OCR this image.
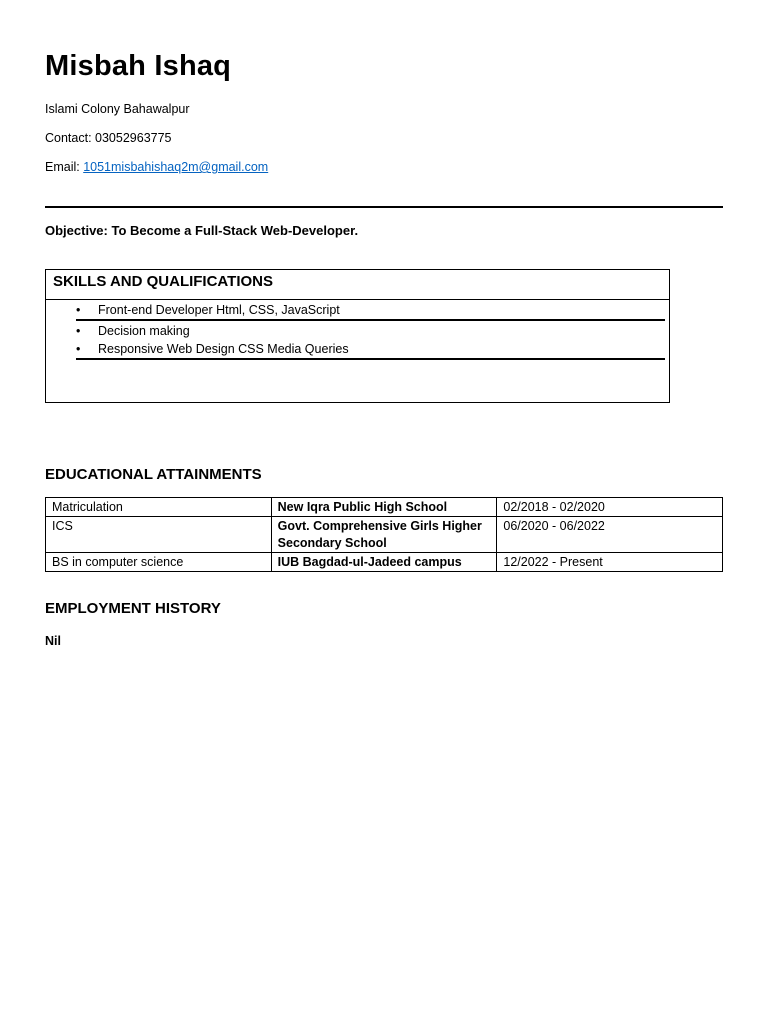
Misbah Ishaq
Islami Colony Bahawalpur
Contact: 03052963775
Email: 1051misbahishaq2m@gmail.com
Objective: To Become a Full-Stack Web-Developer.
SKILLS AND QUALIFICATIONS
• Front-end Developer Html, CSS, JavaScript
• Decision making
• Responsive Web Design CSS Media Queries
EDUCATIONAL ATTAINMENTS
Matriculation	New Iqra Public High School	02/2018 - 02/2020
ICS	Govt. Comprehensive Girls Higher Secondary School	06/2020 - 06/2022
BS in computer science	IUB Bagdad-ul-Jadeed campus	12/2022 - Present
EMPLOYMENT HISTORY
Nil
